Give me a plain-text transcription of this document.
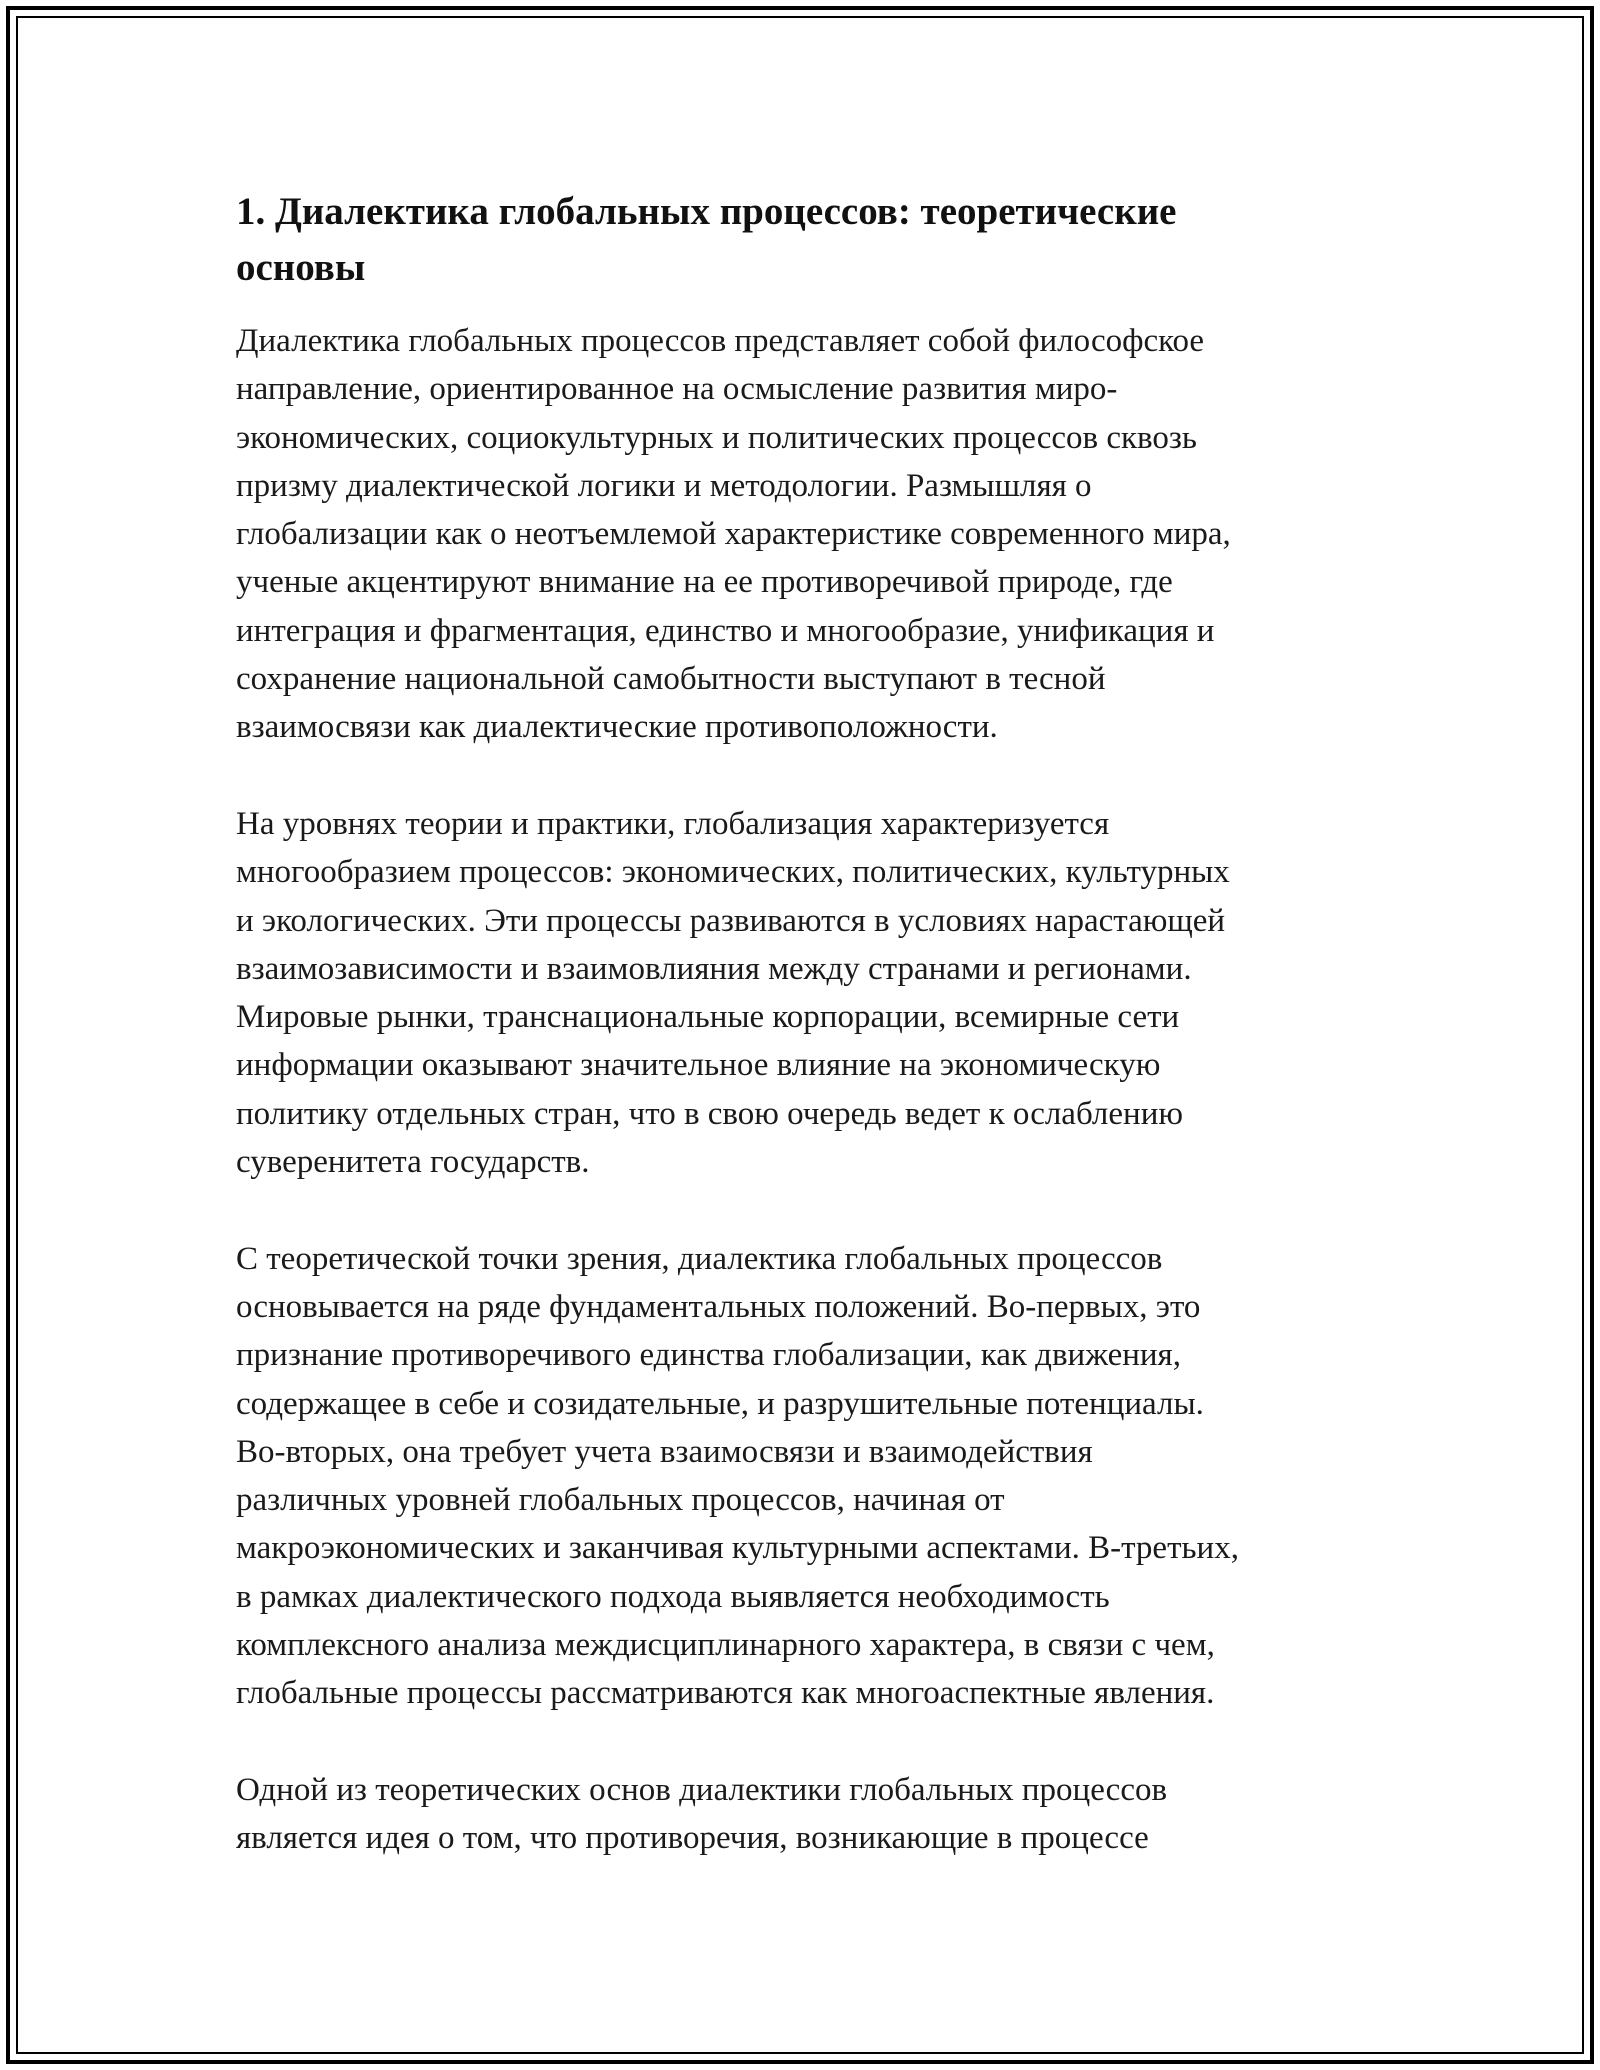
1. Диалектика глобальных процессов: теоретические
основы

Диалектика глобальных процессов представляет собой философское
направление, ориентированное на осмысление развития миро-
экономических, социокультурных и политических процессов сквозь
призму диалектической логики и методологии. Размышляя о
глобализации как о неотъемлемой характеристике современного мира,
ученые акцентируют внимание на ее противоречивой природе, где
интеграция и фрагментация, единство и многообразие, унификация и
сохранение национальной самобытности выступают в тесной
взаимосвязи как диалектические противоположности.

На уровнях теории и практики, глобализация характеризуется
многообразием процессов: экономических, политических, культурных
и экологических. Эти процессы развиваются в условиях нарастающей
взаимозависимости и взаимовлияния между странами и регионами.
Мировые рынки, транснациональные корпорации, всемирные сети
информации оказывают значительное влияние на экономическую
политику отдельных стран, что в свою очередь ведет к ослаблению
суверенитета государств.

С теоретической точки зрения, диалектика глобальных процессов
основывается на ряде фундаментальных положений. Во-первых, это
признание противоречивого единства глобализации, как движения,
содержащее в себе и созидательные, и разрушительные потенциалы.
Во-вторых, она требует учета взаимосвязи и взаимодействия
различных уровней глобальных процессов, начиная от
макроэкономических и заканчивая культурными аспектами. В-третьих,
в рамках диалектического подхода выявляется необходимость
комплексного анализа междисциплинарного характера, в связи с чем,
глобальные процессы рассматриваются как многоаспектные явления.

Одной из теоретических основ диалектики глобальных процессов
является идея о том, что противоречия, возникающие в процессе
